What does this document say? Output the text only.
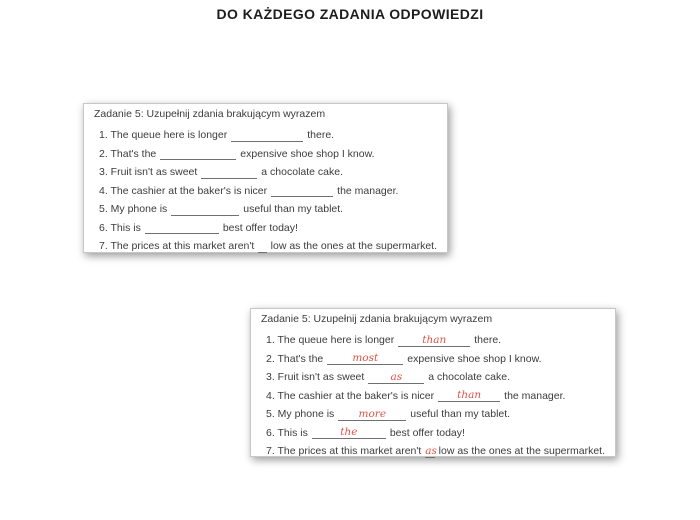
DO KAŻDEGO ZADANIA ODPOWIEDZI
Zadanie 5: Uzupełnij zdania brakującym wyrazem
1. The queue here is longer	there.
2. That's the	expensive shoe shop I know.
3. Fruit isn't as sweet	a chocolate cake.
4. The cashier at the baker's is nicer	the manager.
5. My phone is	useful than my tablet.
6. This is	best offer today!
7. The prices at this market aren't low as the ones at the supermarket.
Zadanie 5: Uzupełnij zdania brakującym wyrazem
1. The queue here is longer	than	there.
2. That's the	most	expensive shoe shop I know.
3. Fruit isn't as sweet	as	a chocolate cake.
4. The cashier at the baker's is nicer	than	the manager.
5. My phone is	more	useful than my tablet.
6. This is	the	best offer today!
7. The prices at this market aren't as low as the ones at the supermarket.
